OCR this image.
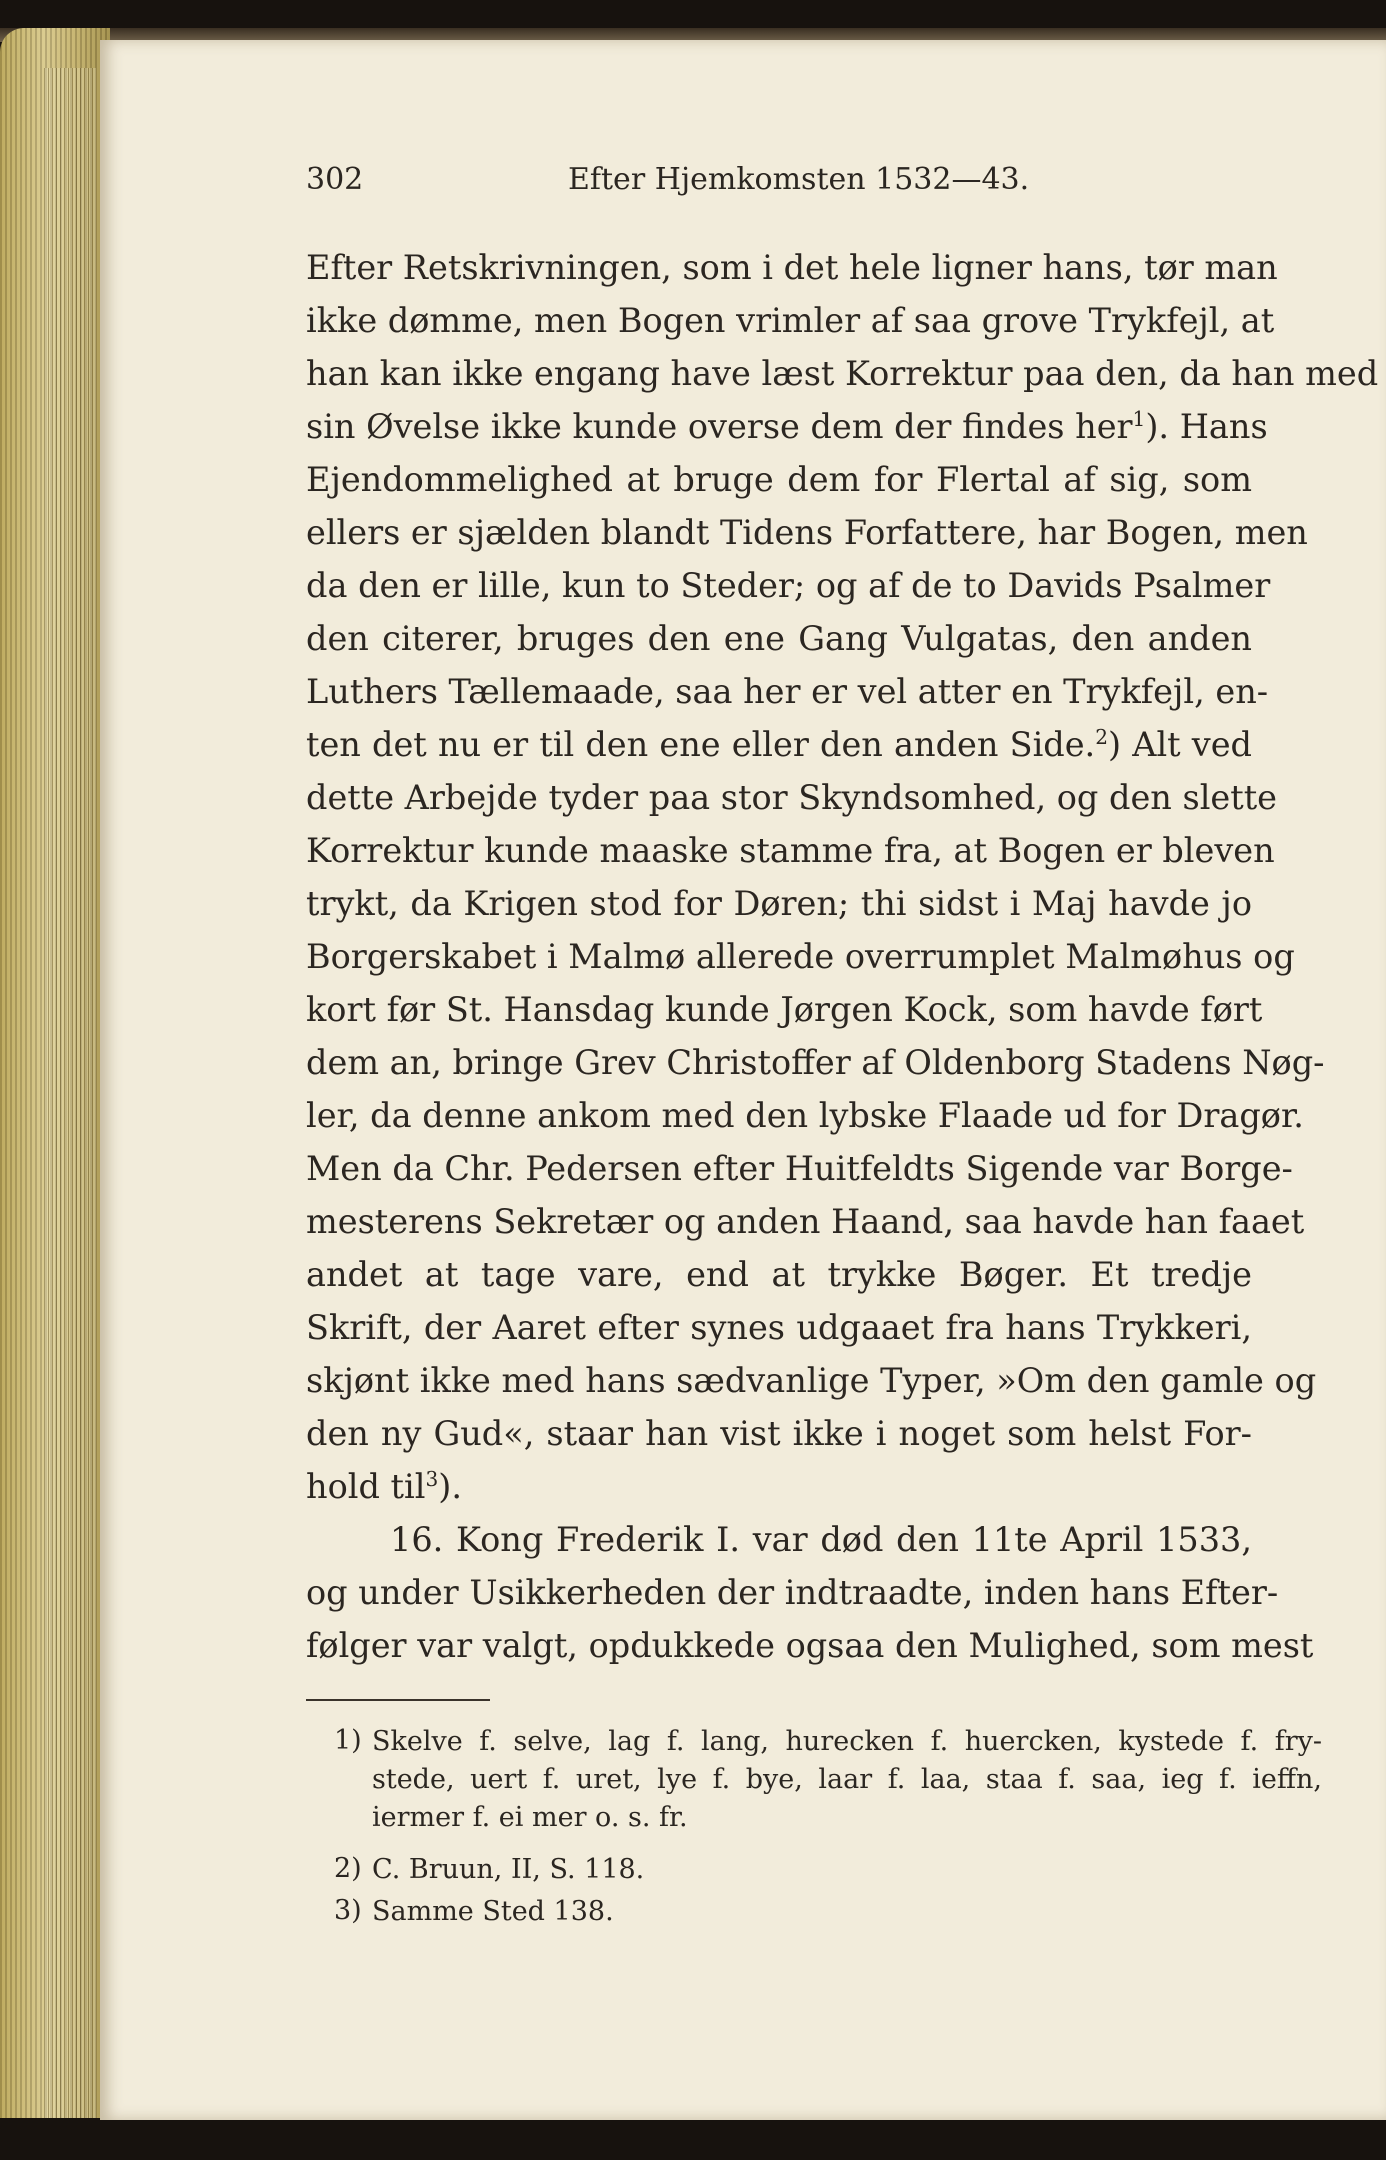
302	Efter Hjemkomsten 1532—43.
Efter Retskrivningen, som i det hele ligner hans, tør man
ikke dømme, men Bogen vrimler af saa grove Trykfejl, at
han kan ikke engang have læst Korrektur paa den, da han med
sin Øvelse ikke kunde overse dem der findes her$^1$). Hans
Ejendommelighed at bruge dem for Flertal af sig, som
ellers er sjælden blandt Tidens Forfattere, har Bogen, men
da den er lille, kun to Steder; og af de to Davids Psalmer
den citerer, bruges den ene Gang Vulgatas, den anden
Luthers Tællemaade, saa her er vel atter en Trykfejl, en-
ten det nu er til den ene eller den anden Side.$^2$) Alt ved
dette Arbejde tyder paa stor Skyndsomhed, og den slette
Korrektur kunde maaske stamme fra, at Bogen er bleven
trykt, da Krigen stod for Døren; thi sidst i Maj havde jo
Borgerskabet i Malmø allerede overrumplet Malmøhus og
kort før St. Hansdag kunde Jørgen Kock, som havde ført
dem an, bringe Grev Christoffer af Oldenborg Stadens Nøg-
ler, da denne ankom med den lybske Flaade ud for Dragør.
Men da Chr. Pedersen efter Huitfeldts Sigende var Borge-
mesterens Sekretær og anden Haand, saa havde han faaet
andet at tage vare, end at trykke Bøger. Et tredje
Skrift, der Aaret efter synes udgaaet fra hans Trykkeri,
skjønt ikke med hans sædvanlige Typer, »Om den gamle og
den ny Gud«, staar han vist ikke i noget som helst For-
hold til$^3$).
16. Kong Frederik I. var død den 11te April 1533,
og under Usikkerheden der indtraadte, inden hans Efter-
følger var valgt, opdukkede ogsaa den Mulighed, som mest
1) Skelve f. selve, lag f. lang, hurecken f. huercken, kystede f. fry-
stede, uert f. uret, lye f. bye, laar f. laa, staa f. saa, ieg f. ieffn,
iermer f. ei mer o. s. fr.
2) C. Bruun, II, S. 118.
3) Samme Sted 138.
